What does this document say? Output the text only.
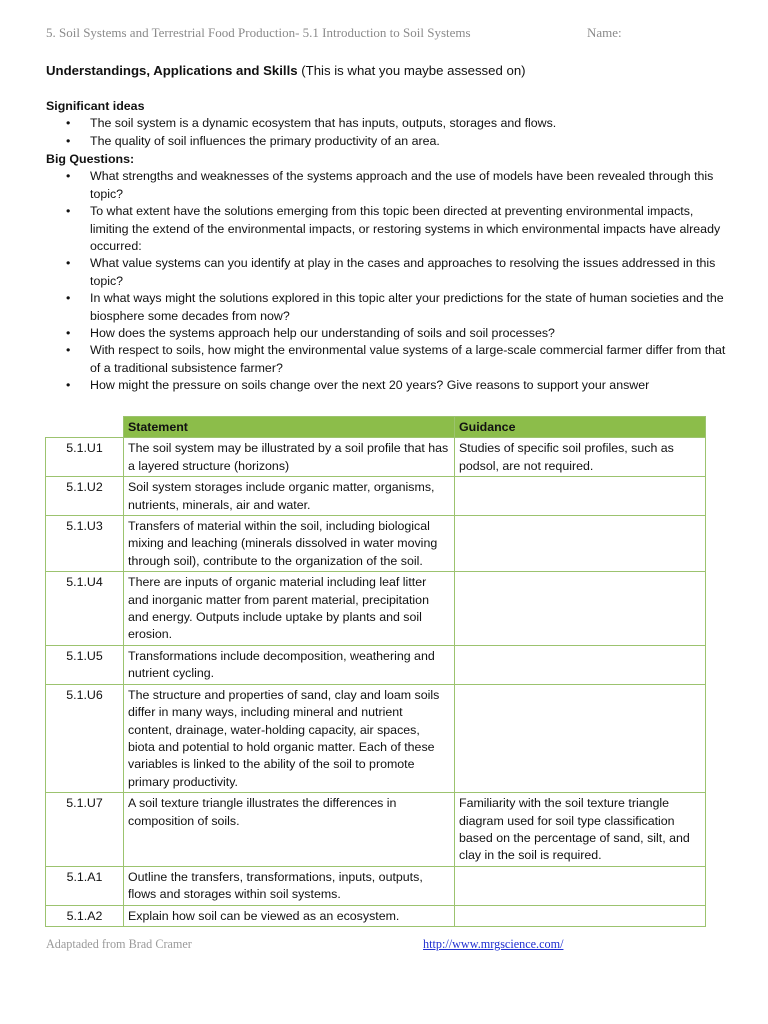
5. Soil Systems and Terrestrial Food Production- 5.1 Introduction to Soil Systems	Name:
Understandings, Applications and Skills (This is what you maybe assessed on)
Significant ideas
• The soil system is a dynamic ecosystem that has inputs, outputs, storages and flows.
• The quality of soil influences the primary productivity of an area.
Big Questions:
• What strengths and weaknesses of the systems approach and the use of models have been revealed through this topic?
• To what extent have the solutions emerging from this topic been directed at preventing environmental impacts, limiting the extend of the environmental impacts, or restoring systems in which environmental impacts have already occurred:
• What value systems can you identify at play in the cases and approaches to resolving the issues addressed in this topic?
• In what ways might the solutions explored in this topic alter your predictions for the state of human societies and the biosphere some decades from now?
• How does the systems approach help our understanding of soils and soil processes?
• With respect to soils, how might the environmental value systems of a large-scale commercial farmer differ from that of a traditional subsistence farmer?
• How might the pressure on soils change over the next 20 years? Give reasons to support your answer
	Statement	Guidance
5.1.U1	The soil system may be illustrated by a soil profile that has a layered structure (horizons)	Studies of specific soil profiles, such as podsol, are not required.
5.1.U2	Soil system storages include organic matter, organisms, nutrients, minerals, air and water.	
5.1.U3	Transfers of material within the soil, including biological mixing and leaching (minerals dissolved in water moving through soil), contribute to the organization of the soil.	
5.1.U4	There are inputs of organic material including leaf litter and inorganic matter from parent material, precipitation and energy. Outputs include uptake by plants and soil erosion.	
5.1.U5	Transformations include decomposition, weathering and nutrient cycling.	
5.1.U6	The structure and properties of sand, clay and loam soils differ in many ways, including mineral and nutrient content, drainage, water-holding capacity, air spaces, biota and potential to hold organic matter. Each of these variables is linked to the ability of the soil to promote primary productivity.	
5.1.U7	A soil texture triangle illustrates the differences in composition of soils.	Familiarity with the soil texture triangle diagram used for soil type classification based on the percentage of sand, silt, and clay in the soil is required.
5.1.A1	Outline the transfers, transformations, inputs, outputs, flows and storages within soil systems.	
5.1.A2	Explain how soil can be viewed as an ecosystem.	
Adaptaded from Brad Cramer	http://www.mrgscience.com/
